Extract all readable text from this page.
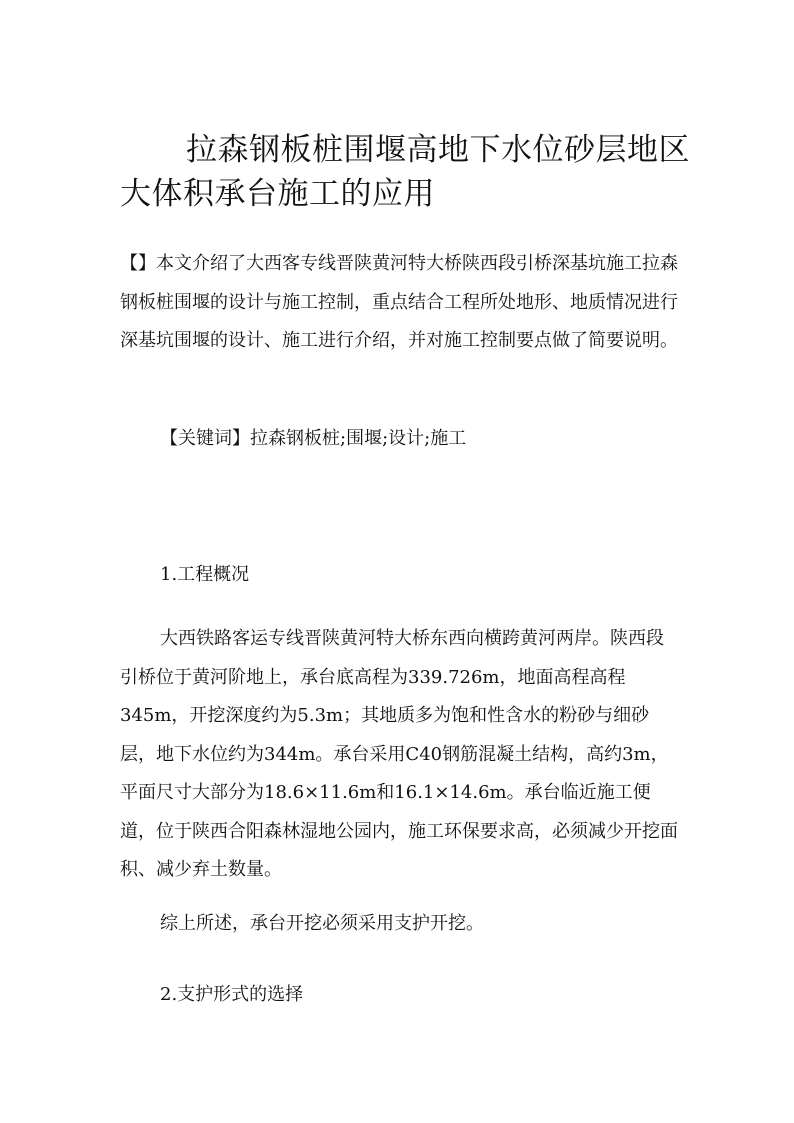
拉森钢板桩围堰高地下水位砂层地区大体积承台施工的应用

【】本文介绍了大西客专线晋陕黄河特大桥陕西段引桥深基坑施工拉森钢板桩围堰的设计与施工控制，重点结合工程所处地形、地质情况进行深基坑围堰的设计、施工进行介绍，并对施工控制要点做了简要说明。

【关键词】拉森钢板桩;围堰;设计;施工

1.工程概况

大西铁路客运专线晋陕黄河特大桥东西向横跨黄河两岸。陕西段引桥位于黄河阶地上，承台底高程为339.726m，地面高程高程345m，开挖深度约为5.3m；其地质多为饱和性含水的粉砂与细砂层，地下水位约为344m。承台采用C40钢筋混凝土结构，高约3m，平面尺寸大部分为18.6×11.6m和16.1×14.6m。承台临近施工便道，位于陕西合阳森林湿地公园内，施工环保要求高，必须减少开挖面积、减少弃土数量。

综上所述，承台开挖必须采用支护开挖。

2.支护形式的选择
